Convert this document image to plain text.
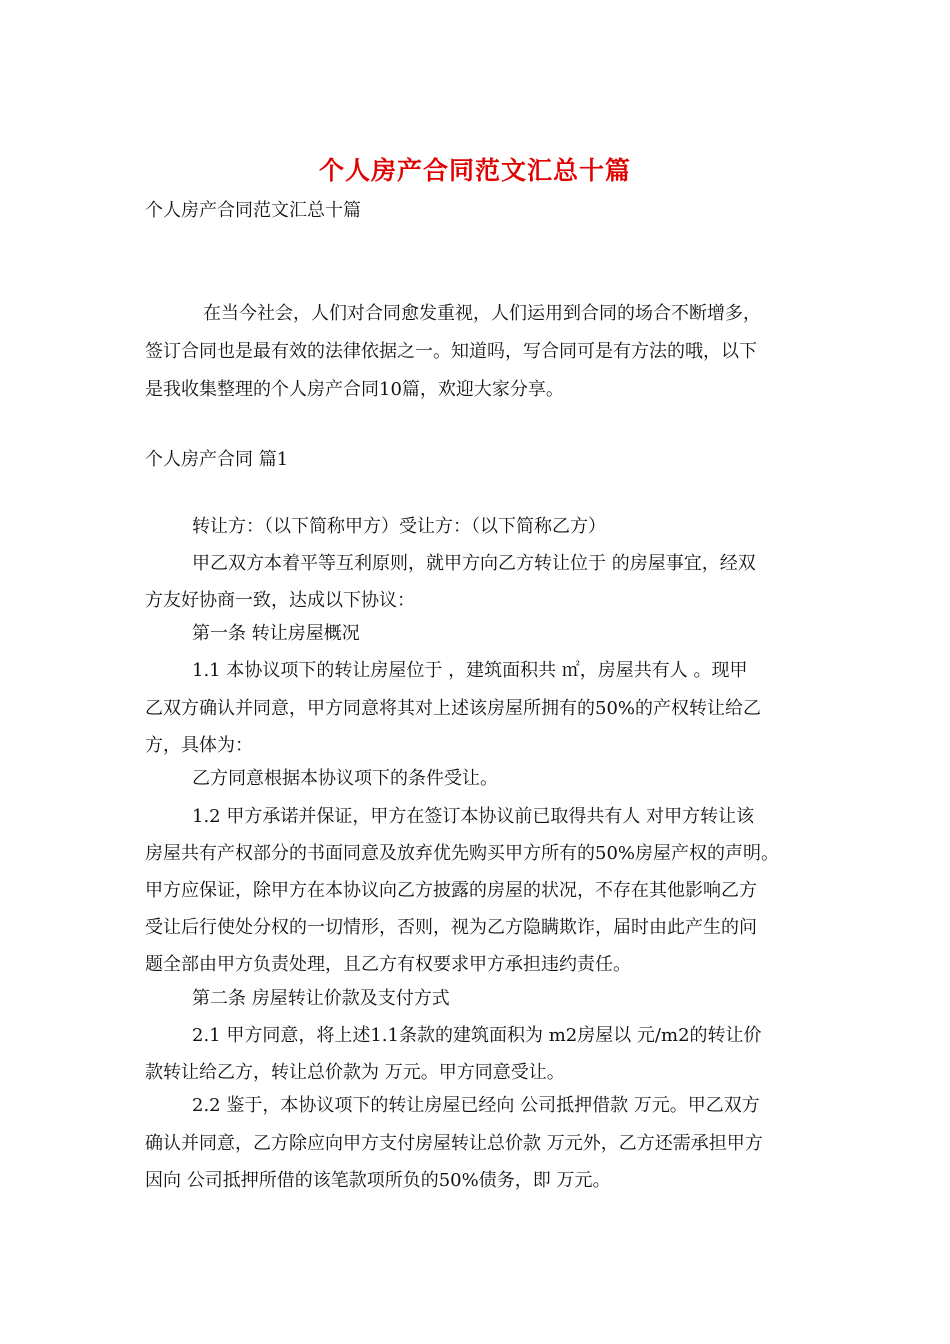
个人房产合同范文汇总十篇
个人房产合同范文汇总十篇
在当今社会，人们对合同愈发重视，人们运用到合同的场合不断增多，
签订合同也是最有效的法律依据之一。知道吗，写合同可是有方法的哦，以下
是我收集整理的个人房产合同10篇，欢迎大家分享。
个人房产合同 篇1
转让方：（以下简称甲方）受让方：（以下简称乙方）
甲乙双方本着平等互利原则，就甲方向乙方转让位于 的房屋事宜，经双
方友好协商一致，达成以下协议：
第一条 转让房屋概况
1.1 本协议项下的转让房屋位于 ，建筑面积共 ㎡，房屋共有人 。现甲
乙双方确认并同意，甲方同意将其对上述该房屋所拥有的50%的产权转让给乙
方，具体为：
乙方同意根据本协议项下的条件受让。
1.2 甲方承诺并保证，甲方在签订本协议前已取得共有人 对甲方转让该
房屋共有产权部分的书面同意及放弃优先购买甲方所有的50%房屋产权的声明。
甲方应保证，除甲方在本协议向乙方披露的房屋的状况，不存在其他影响乙方
受让后行使处分权的一切情形，否则，视为乙方隐瞒欺诈，届时由此产生的问
题全部由甲方负责处理，且乙方有权要求甲方承担违约责任。
第二条 房屋转让价款及支付方式
2.1 甲方同意，将上述1.1条款的建筑面积为 m2房屋以 元/m2的转让价
款转让给乙方，转让总价款为 万元。甲方同意受让。
2.2 鉴于，本协议项下的转让房屋已经向 公司抵押借款 万元。甲乙双方
确认并同意，乙方除应向甲方支付房屋转让总价款 万元外，乙方还需承担甲方
因向 公司抵押所借的该笔款项所负的50%债务，即 万元。
